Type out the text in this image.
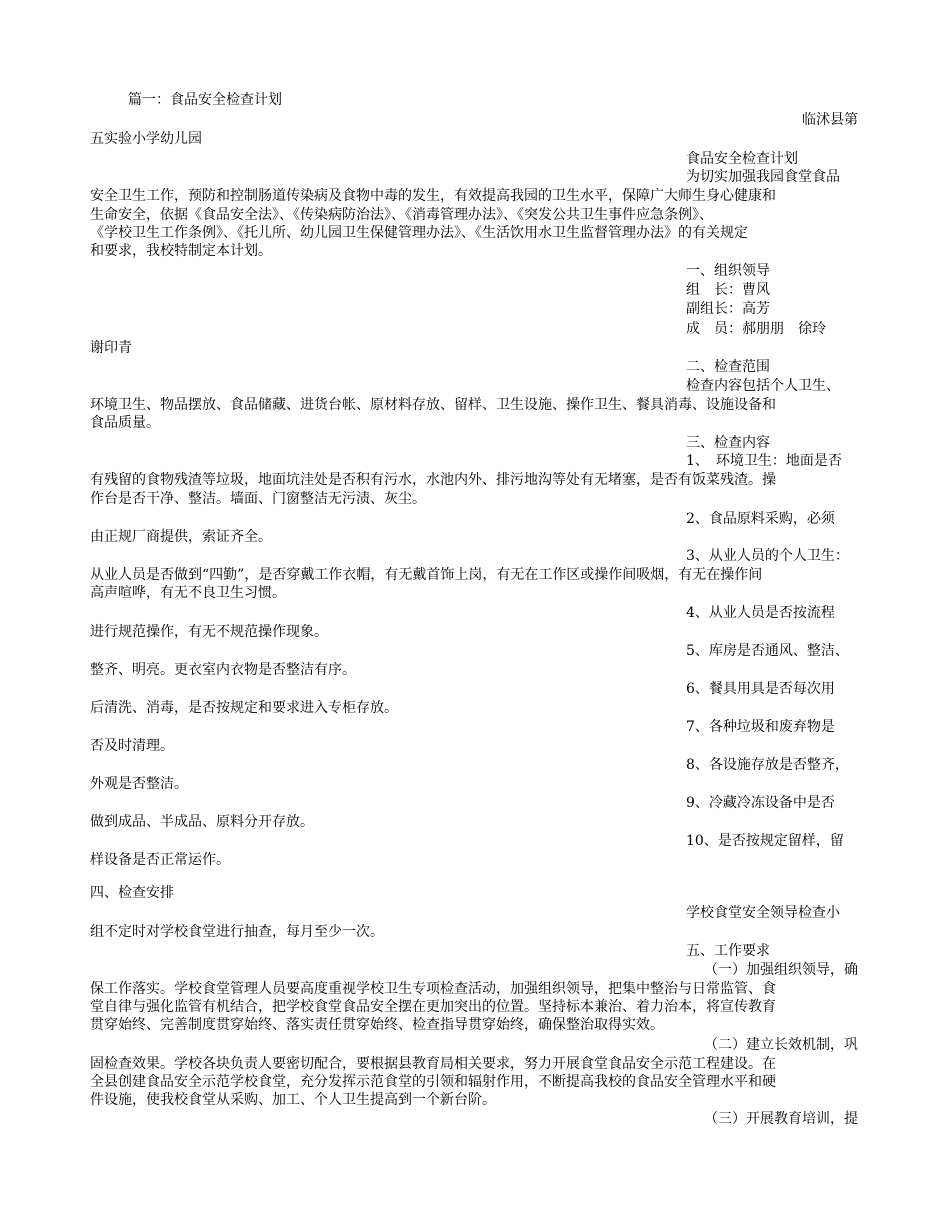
篇一：食品安全检查计划

临沭县第

五实验小学幼儿园

食品安全检查计划

为切实加强我园食堂食品

安全卫生工作，预防和控制肠道传染病及食物中毒的发生，有效提高我园的卫生水平，保障广大师生身心健康和

生命安全，依据《食品安全法》、《传染病防治法》、《消毒管理办法》、《突发公共卫生事件应急条例》、

《学校卫生工作条例》、《托儿所、幼儿园卫生保健管理办法》、《生活饮用水卫生监督管理办法》的有关规定

和要求，我校特制定本计划。

一、组织领导

组　长：曹风

副组长：高芳

成　员：郝朋朋　徐玲

谢印青

二、检查范围

检查内容包括个人卫生、

环境卫生、物品摆放、食品储藏、进货台帐、原材料存放、留样、卫生设施、操作卫生、餐具消毒、设施设备和

食品质量。

三、检查内容

1、　环境卫生：地面是否

有残留的食物残渣等垃圾，地面坑洼处是否积有污水，水池内外、排污地沟等处有无堵塞，是否有饭菜残渣。操

作台是否干净、整洁。墙面、门窗整洁无污渍、灰尘。

2、食品原料采购，必须

由正规厂商提供，索证齐全。

3、从业人员的个人卫生：

从业人员是否做到“四勤”，是否穿戴工作衣帽，有无戴首饰上岗，有无在工作区或操作间吸烟，有无在操作间

高声喧哗，有无不良卫生习惯。

4、从业人员是否按流程

进行规范操作，有无不规范操作现象。

5、库房是否通风、整洁、

整齐、明亮。更衣室内衣物是否整洁有序。

6、餐具用具是否每次用

后清洗、消毒，是否按规定和要求进入专柜存放。

7、各种垃圾和废弃物是

否及时清理。

8、各设施存放是否整齐，

外观是否整洁。

9、冷藏冷冻设备中是否

做到成品、半成品、原料分开存放。

10、是否按规定留样，留

样设备是否正常运作。

四、检查安排

学校食堂安全领导检查小

组不定时对学校食堂进行抽查，每月至少一次。

五、工作要求

（一）加强组织领导，确

保工作落实。学校食堂管理人员要高度重视学校卫生专项检查活动，加强组织领导，把集中整治与日常监管、食

堂自律与强化监管有机结合，把学校食堂食品安全摆在更加突出的位置。坚持标本兼治、着力治本，将宣传教育

贯穿始终、完善制度贯穿始终、落实责任贯穿始终、检查指导贯穿始终，确保整治取得实效。

（二）建立长效机制，巩

固检查效果。学校各块负责人要密切配合，要根据县教育局相关要求，努力开展食堂食品安全示范工程建设。在

全县创建食品安全示范学校食堂，充分发挥示范食堂的引领和辐射作用，不断提高我校的食品安全管理水平和硬

件设施，使我校食堂从采购、加工、个人卫生提高到一个新台阶。

（三）开展教育培训，提
